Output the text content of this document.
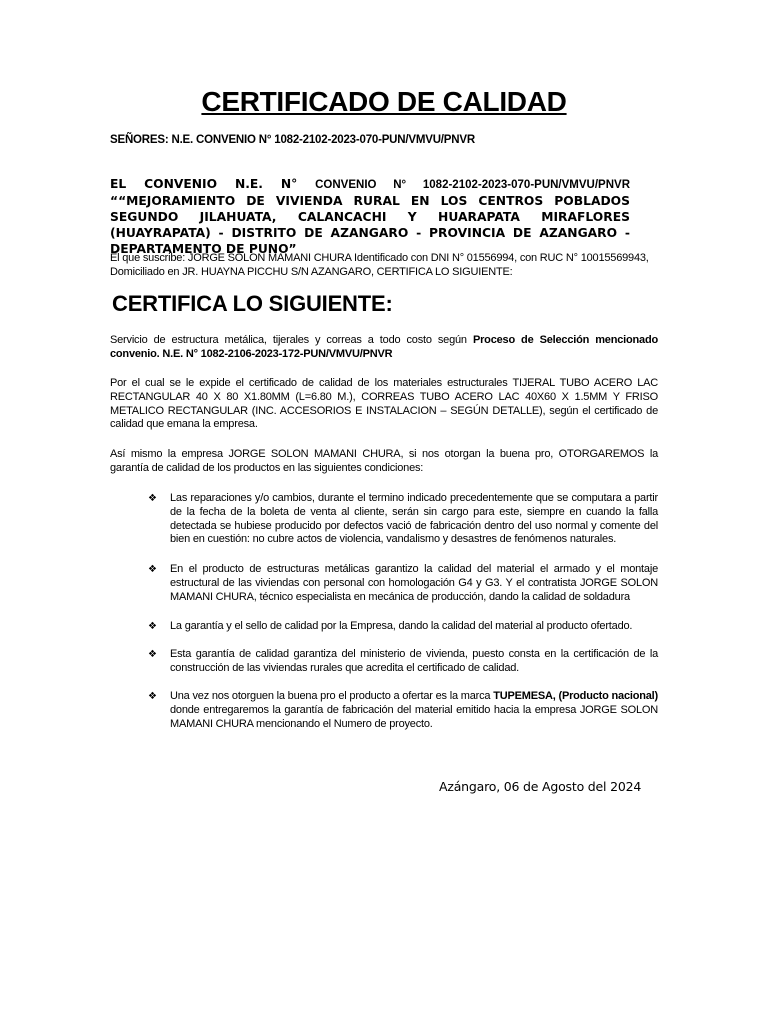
CERTIFICADO DE CALIDAD
SEÑORES: N.E. CONVENIO N° 1082-2102-2023-070-PUN/VMVU/PNVR
EL CONVENIO N.E. N° CONVENIO N° 1082-2102-2023-070-PUN/VMVU/PNVR ““MEJORAMIENTO DE VIVIENDA RURAL EN LOS CENTROS POBLADOS SEGUNDO JILAHUATA, CALANCACHI Y HUARAPATA MIRAFLORES (HUAYRAPATA) - DISTRITO DE AZANGARO - PROVINCIA DE AZANGARO - DEPARTAMENTO DE PUNO”
El que suscribe: JORGE SOLON MAMANI CHURA Identificado con DNI N° 01556994, con RUC N° 10015569943, Domiciliado en JR. HUAYNA PICCHU S/N AZANGARO, CERTIFICA LO SIGUIENTE:
CERTIFICA LO SIGUIENTE:
Servicio de estructura metálica, tijerales y correas a todo costo según Proceso de Selección mencionado convenio. N.E. N° 1082-2106-2023-172-PUN/VMVU/PNVR
Por el cual se le expide el certificado de calidad de los materiales estructurales TIJERAL TUBO ACERO LAC RECTANGULAR 40 X 80 X1.80MM (L=6.80 M.), CORREAS TUBO ACERO LAC 40X60 X 1.5MM Y FRISO METALICO RECTANGULAR (INC. ACCESORIOS E INSTALACION – SEGÚN DETALLE), según el certificado de calidad que emana la empresa.
Así mismo la empresa JORGE SOLON MAMANI CHURA, si nos otorgan la buena pro, OTORGAREMOS la garantía de calidad de los productos en las siguientes condiciones:
❖	Las reparaciones y/o cambios, durante el termino indicado precedentemente que se computara a partir de la fecha de la boleta de venta al cliente, serán sin cargo para este, siempre en cuando la falla detectada se hubiese producido por defectos vació de fabricación dentro del uso normal y comente del bien en cuestión: no cubre actos de violencia, vandalismo y desastres de fenómenos naturales.
❖	En el producto de estructuras metálicas garantizo la calidad del material el armado y el montaje estructural de las viviendas con personal con homologación G4 y G3. Y el contratista JORGE SOLON MAMANI CHURA, técnico especialista en mecánica de producción, dando la calidad de soldadura
❖	La garantía y el sello de calidad por la Empresa, dando la calidad del material al producto ofertado.
❖	Esta garantía de calidad garantiza del ministerio de vivienda, puesto consta en la certificación de la construcción de las viviendas rurales que acredita el certificado de calidad.
❖	Una vez nos otorguen la buena pro el producto a ofertar es la marca TUPEMESA, (Producto nacional) donde entregaremos la garantía de fabricación del material emitido hacia la empresa JORGE SOLON MAMANI CHURA mencionando el Numero de proyecto.
Azángaro, 06 de Agosto del 2024
